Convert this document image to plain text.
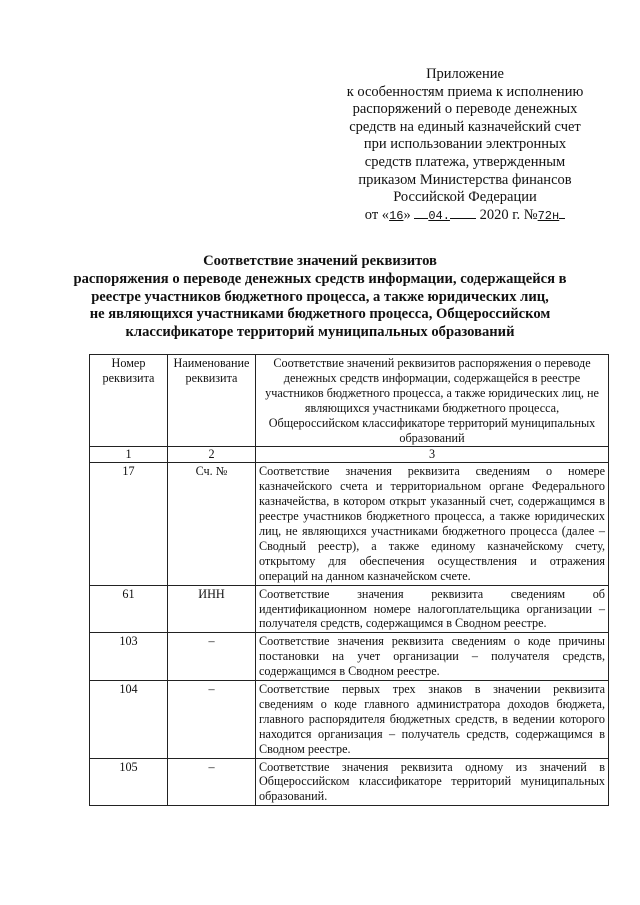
Приложение
к особенностям приема к исполнению
распоряжений о переводе денежных
средств на единый казначейский счет
при использовании электронных
средств платежа, утвержденным
приказом Министерства финансов
Российской Федерации
от «16» 04. 2020 г. №72н
Соответствие значений реквизитов
распоряжения о переводе денежных средств информации, содержащейся в
реестре участников бюджетного процесса, а также юридических лиц,
не являющихся участниками бюджетного процесса, Общероссийском
классификаторе территорий муниципальных образований
Номер реквизита	Наименование реквизита	Соответствие значений реквизитов распоряжения о переводе денежных средств информации, содержащейся в реестре участников бюджетного процесса, а также юридических лиц, не являющихся участниками бюджетного процесса, Общероссийском классификаторе территорий муниципальных образований
1	2	3
17	Сч. №	Соответствие значения реквизита сведениям о номере казначейского счета и территориальном органе Федерального казначейства, в котором открыт указанный счет, содержащимся в реестре участников бюджетного процесса, а также юридических лиц, не являющихся участниками бюджетного процесса (далее – Сводный реестр), а также единому казначейскому счету, открытому для обеспечения осуществления и отражения операций на данном казначейском счете.
61	ИНН	Соответствие значения реквизита сведениям об идентификационном номере налогоплательщика организации – получателя средств, содержащимся в Сводном реестре.
103	–	Соответствие значения реквизита сведениям о коде причины постановки на учет организации – получателя средств, содержащимся в Сводном реестре.
104	–	Соответствие первых трех знаков в значении реквизита сведениям о коде главного администратора доходов бюджета, главного распорядителя бюджетных средств, в ведении которого находится организация – получатель средств, содержащимся в Сводном реестре.
105	–	Соответствие значения реквизита одному из значений в Общероссийском классификаторе территорий муниципальных образований.
